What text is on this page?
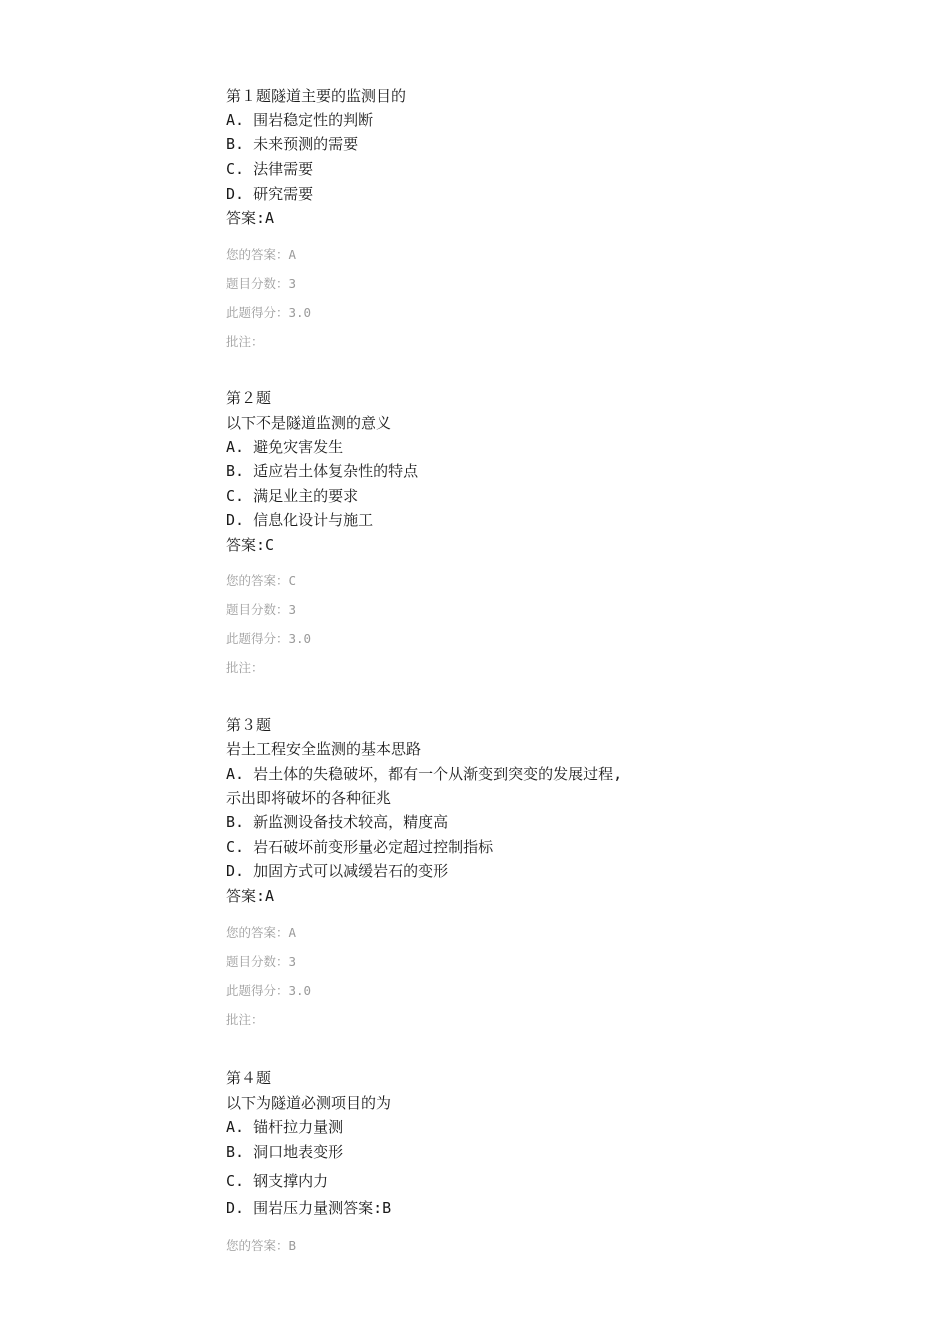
第１题隧道主要的监测目的
A. 围岩稳定性的判断
B. 未来预测的需要
C. 法律需要
D. 研究需要
答案:A
您的答案：A
题目分数：3
此题得分：3.0
批注：
第２题
以下不是隧道监测的意义
A. 避免灾害发生
B. 适应岩土体复杂性的特点
C. 满足业主的要求
D. 信息化设计与施工
答案:C
您的答案：C
题目分数：3
此题得分：3.0
批注：
第３题
岩土工程安全监测的基本思路
A. 岩土体的失稳破坏，都有一个从渐变到突变的发展过程,
示出即将破坏的各种征兆
B. 新监测设备技术较高，精度高
C. 岩石破坏前变形量必定超过控制指标
D. 加固方式可以减缓岩石的变形
答案:A
您的答案：A
题目分数：3
此题得分：3.0
批注：
第４题
以下为隧道必测项目的为
A. 锚杆拉力量测
B. 洞口地表变形
C. 钢支撑内力
D. 围岩压力量测答案:B
您的答案：B
